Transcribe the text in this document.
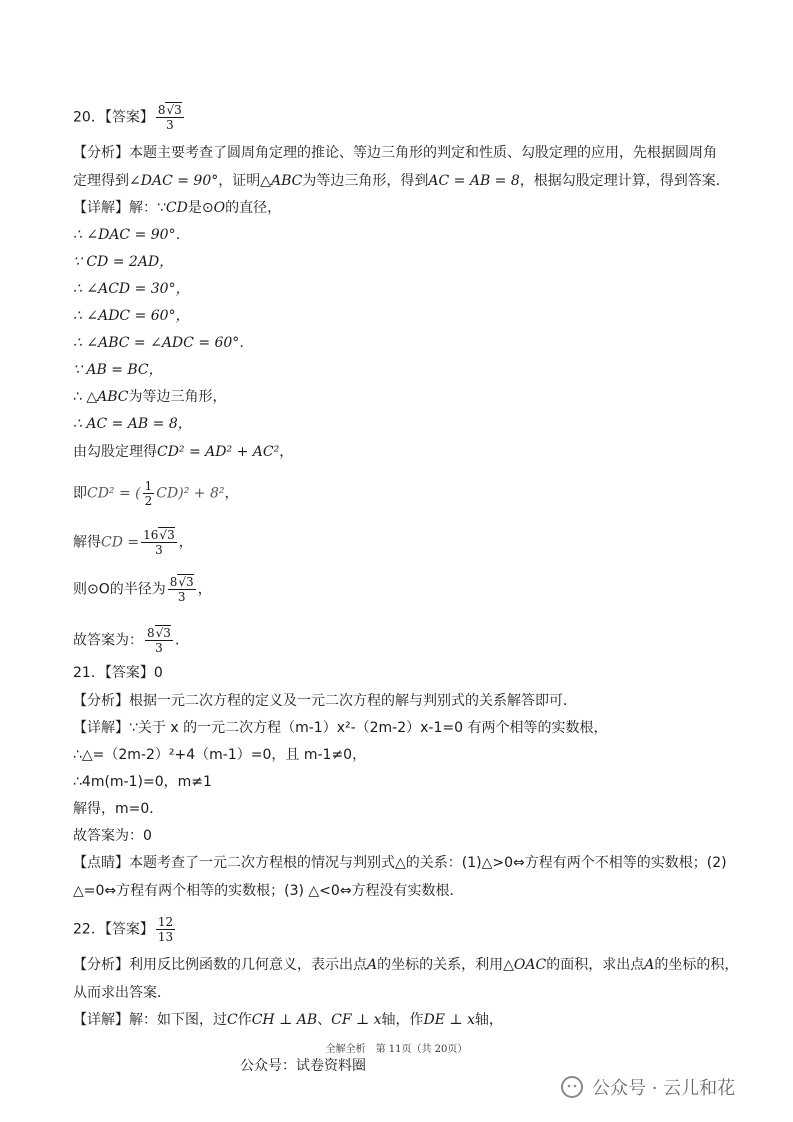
20．【答案】 $\frac{8√3}{3}$
【分析】本题主要考查了圆周角定理的推论、等边三角形的判定和性质、勾股定理的应用，先根据圆周角
定理得到∠DAC = 90°，证明△ABC为等边三角形，得到AC = AB = 8，根据勾股定理计算，得到答案．
【详解】解：∵CD是⊙O的直径，
∴ ∠DAC = 90°．
∵ CD = 2AD，
∴ ∠ACD = 30°，
∴ ∠ADC = 60°，
∴ ∠ABC = ∠ADC = 60°．
∵ AB = BC，
∴ △ABC为等边三角形，
∴ AC = AB = 8，
由勾股定理得CD² = AD² + AC²，
即CD² = ( $\frac{1}{2} CD)^2 + 8^2$，
解得CD = $\frac{16√3}{3}$ ，
则⊙O的半径为 $\frac{8√3}{3}$ ，
故答案为： $\frac{8√3}{3}$ ．
21．【答案】0
【分析】根据一元二次方程的定义及一元二次方程的解与判别式的关系解答即可．
【详解】∵关于 x 的一元二次方程（m-1）x²-（2m-2）x-1=0 有两个相等的实数根，
∴△=（2m-2）²+4（m-1）=0，且 m-1≠0，
∴4m(m-1)=0，m≠1
解得，m=0．
故答案为：0
【点睛】本题考查了一元二次方程根的情况与判别式△的关系：(1)△>0⇔方程有两个不相等的实数根；(2)
△=0⇔方程有两个相等的实数根；(3) △<0⇔方程没有实数根．
22．【答案】 $\frac{12}{13}$
【分析】利用反比例函数的几何意义，表示出点A的坐标的关系，利用△OAC的面积，求出点A的坐标的积，
从而求出答案．
【详解】解：如下图，过C作CH ⊥ AB、CF ⊥ x轴，作DE ⊥ x轴，
全解全析　第 11页（共 20页）
公众号：试卷资料圈
公众号 · 云儿和花
